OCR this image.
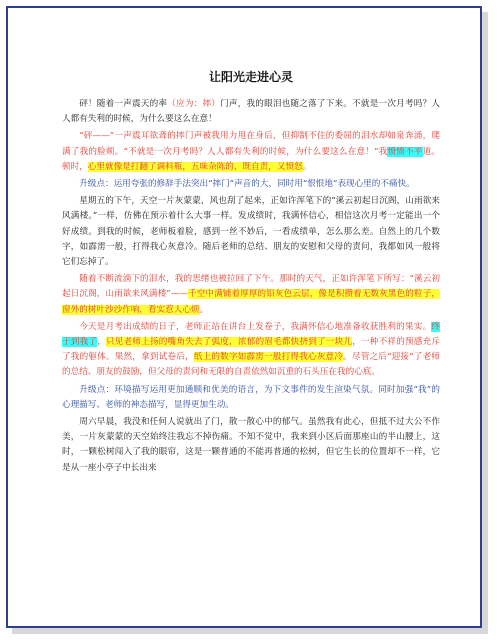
让阳光走进心灵

砰！随着一声震天的率（应为：摔）门声，我的眼泪也随之落了下来。不就是一次月考吗？人人都有失利的时候，为什么要这么在意！

“砰——”一声震耳欲聋的摔门声被我用力甩在身后，但抑制不住的委屈的泪水却如泉奔涌，爬满了我的脸颊。“不就是一次月考吗？人人都有失利的时候，为什么要这么在意！”我愤愤不平道。顿时，心里就像是打翻了调料瓶，五味杂陈的，既自责，又愤怒。

升级点：运用夸张的修辞手法突出“摔门”声音的大，同时用“恨恨地”表现心里的不痛快。

星期五的下午，天空一片灰蒙蒙，风也刮了起来，正如许浑笔下的“溪云初起日沉阁，山雨欲来风满楼。”一样，仿佛在预示着什么大事一样。发成绩时，我满怀信心，相信这次月考一定能出一个好成绩。到我的时候，老师板着脸，感到一丝不妙后，一看成绩单，怎么那么差。自然上的几个数字，如霹雳一般，打得我心灰意冷。随后老师的总结、朋友的安慰和父母的责问，我都如风一般将它们忘掉了。

随着不断流淌下的泪水，我的思绪也被拉回了下午。那时的天气，正如许浑笔下所写：“溪云初起日沉阁，山雨欲来风满楼”——千空中满铺着厚厚的铅灰色云层，像是积攒着无数灰黑色的粒子，窗外的树叶沙沙作响，看实惹人心烦。

今天是月考出成绩的日子，老师正站在讲台上发卷子，我满怀信心地准备收获胜利的果实。终于到我了，只见老师上扬的嘴角失去了弧度，浓郁的眉毛都快挤到了一块儿，一种不祥的预感充斥了我的躯体。果然，拿到试卷后，纸上的数字如霹雳一般打得我心灰意冷。尽管之后“迎接”了老师的总结、朋友的鼓励，但父母的责问和无限的自责依然如沉重的石头压在我的心底。

升级点：环境描写运用更加通顺和优美的语言，为下文事件的发生渲染气氛。同时加强“我”的心理描写、老师的神态描写，显得更加生动。

周六早晨，我没和任何人说就出了门，散一散心中的郁气。虽然我有此心，但抵不过大公不作美，一片灰蒙蒙的天空始终注我忘不掉伤痛。不知不觉中，我来到小区后面那座山的半山腰上，这时，一颗松树闯入了我的眼帘，这是一颗普通的不能再普通的松树，但它生长的位置却不一样，它是从一座小亭子中长出来
